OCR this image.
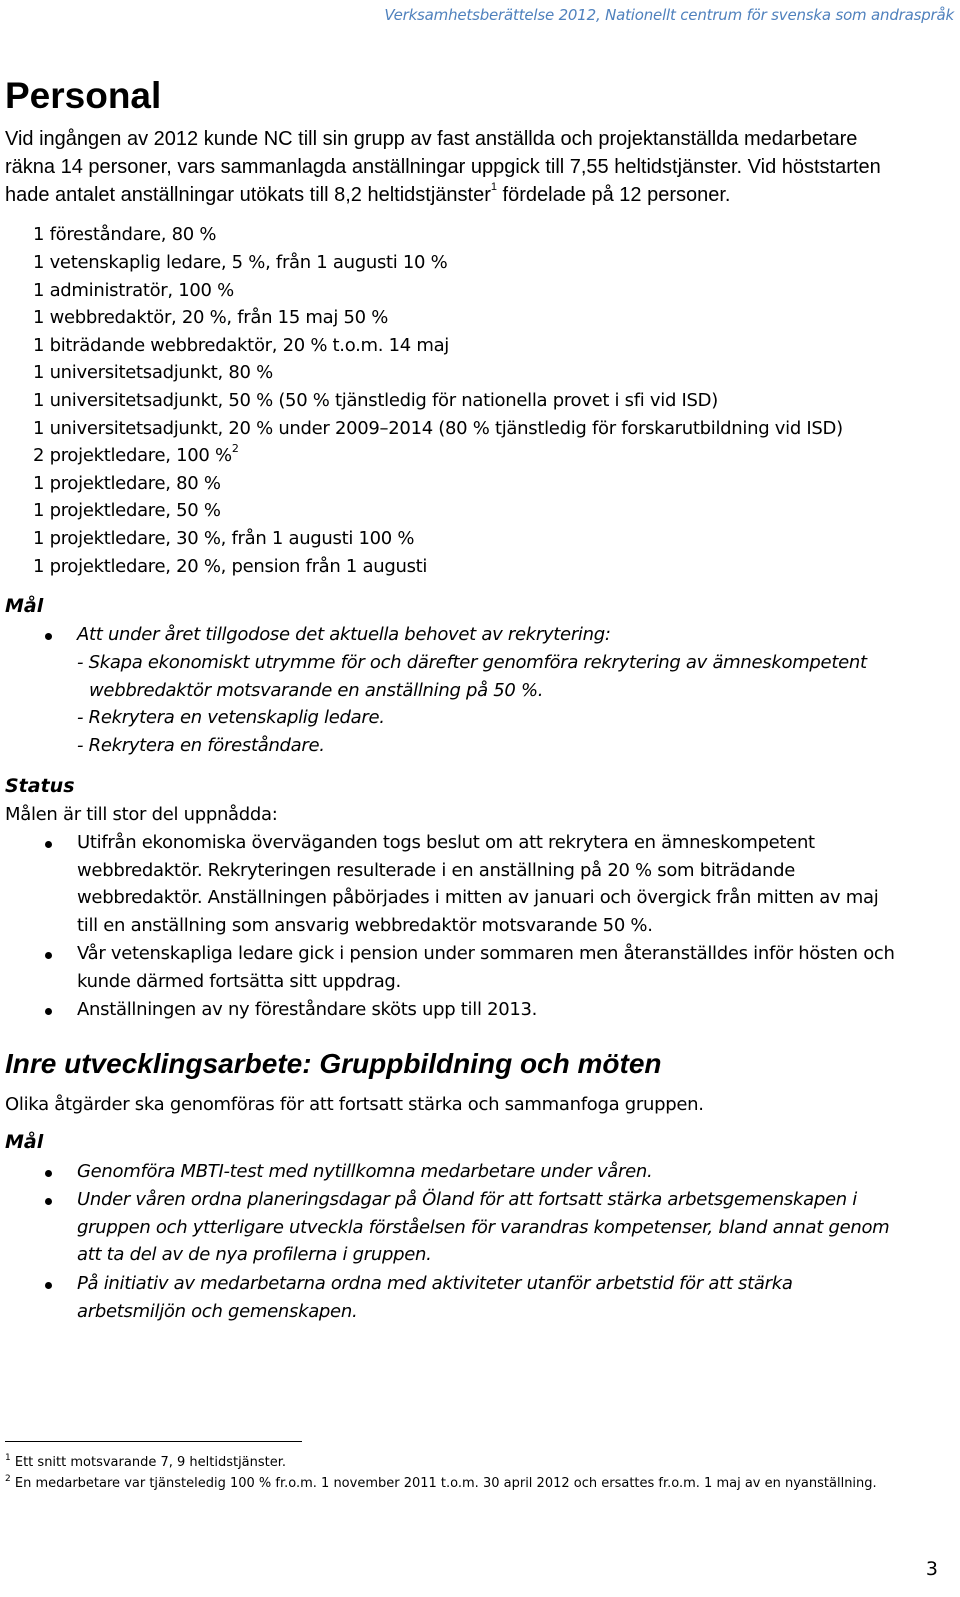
Verksamhetsberättelse 2012, Nationellt centrum för svenska som andraspråk
Personal
Vid ingången av 2012 kunde NC till sin grupp av fast anställda och projektanställda medarbetare
räkna 14 personer, vars sammanlagda anställningar uppgick till 7,55 heltidstjänster. Vid höststarten
hade antalet anställningar utökats till 8,2 heltidstjänster$^1$ fördelade på 12 personer.
1 föreståndare, 80 %
1 vetenskaplig ledare, 5 %, från 1 augusti 10 %
1 administratör, 100 %
1 webbredaktör, 20 %, från 15 maj 50 %
1 biträdande webbredaktör, 20 % t.o.m. 14 maj
1 universitetsadjunkt, 80 %
1 universitetsadjunkt, 50 % (50 % tjänstledig för nationella provet i sfi vid ISD)
1 universitetsadjunkt, 20 % under 2009–2014 (80 % tjänstledig för forskarutbildning vid ISD)
2 projektledare, 100 %$^2$
1 projektledare, 80 %
1 projektledare, 50 %
1 projektledare, 30 %, från 1 augusti 100 %
1 projektledare, 20 %, pension från 1 augusti
Mål
Att under året tillgodose det aktuella behovet av rekrytering:
- Skapa ekonomiskt utrymme för och därefter genomföra rekrytering av ämneskompetent
webbredaktör motsvarande en anställning på 50 %.
- Rekrytera en vetenskaplig ledare.
- Rekrytera en föreståndare.
Status
Målen är till stor del uppnådda:
Utifrån ekonomiska överväganden togs beslut om att rekrytera en ämneskompetent
webbredaktör. Rekryteringen resulterade i en anställning på 20 % som biträdande
webbredaktör. Anställningen påbörjades i mitten av januari och övergick från mitten av maj
till en anställning som ansvarig webbredaktör motsvarande 50 %.
Vår vetenskapliga ledare gick i pension under sommaren men återanställdes inför hösten och
kunde därmed fortsätta sitt uppdrag.
Anställningen av ny föreståndare sköts upp till 2013.
Inre utvecklingsarbete: Gruppbildning och möten
Olika åtgärder ska genomföras för att fortsatt stärka och sammanfoga gruppen.
Mål
Genomföra MBTI-test med nytillkomna medarbetare under våren.
Under våren ordna planeringsdagar på Öland för att fortsatt stärka arbetsgemenskapen i
gruppen och ytterligare utveckla förståelsen för varandras kompetenser, bland annat genom
att ta del av de nya profilerna i gruppen.
På initiativ av medarbetarna ordna med aktiviteter utanför arbetstid för att stärka
arbetsmiljön och gemenskapen.
$^1$ Ett snitt motsvarande 7, 9 heltidstjänster.
$^2$ En medarbetare var tjänsteledig 100 % fr.o.m. 1 november 2011 t.o.m. 30 april 2012 och ersattes fr.o.m. 1 maj av en nyanställning.
3
